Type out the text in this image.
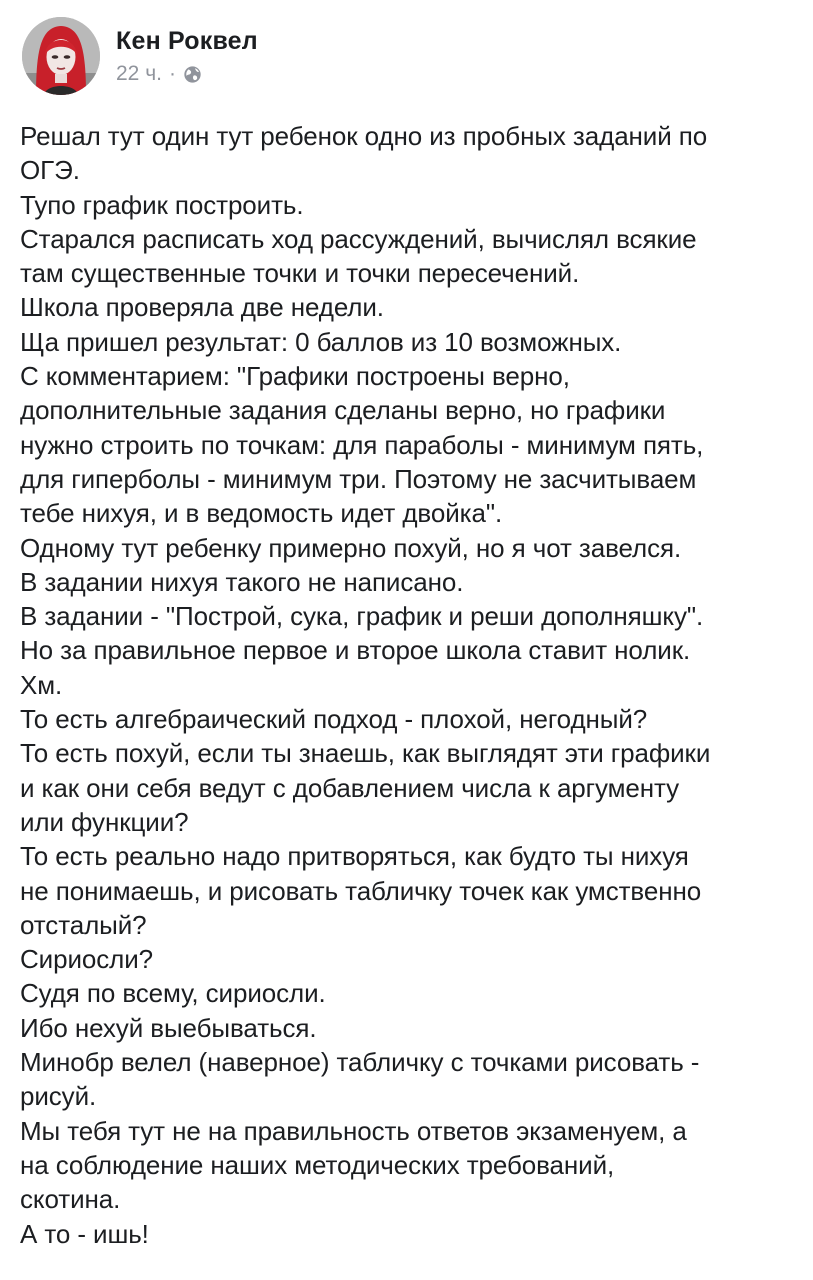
Кен Роквел
22 ч. ·
Решал тут один тут ребенок одно из пробных заданий по
ОГЭ.
Тупо график построить.
Старался расписать ход рассуждений, вычислял всякие
там существенные точки и точки пересечений.
Школа проверяла две недели.
Ща пришел результат: 0 баллов из 10 возможных.
С комментарием: "Графики построены верно,
дополнительные задания сделаны верно, но графики
нужно строить по точкам: для параболы - минимум пять,
для гиперболы - минимум три. Поэтому не засчитываем
тебе нихуя, и в ведомость идет двойка".
Одному тут ребенку примерно похуй, но я чот завелся.
В задании нихуя такого не написано.
В задании - "Построй, сука, график и реши дополняшку".
Но за правильное первое и второе школа ставит нолик.
Хм.
То есть алгебраический подход - плохой, негодный?
То есть похуй, если ты знаешь, как выглядят эти графики
и как они себя ведут с добавлением числа к аргументу
или функции?
То есть реально надо притворяться, как будто ты нихуя
не понимаешь, и рисовать табличку точек как умственно
отсталый?
Сириосли?
Судя по всему, сириосли.
Ибо нехуй выебываться.
Минобр велел (наверное) табличку с точками рисовать -
рисуй.
Мы тебя тут не на правильность ответов экзаменуем, а
на соблюдение наших методических требований,
скотина.
А то - ишь!
